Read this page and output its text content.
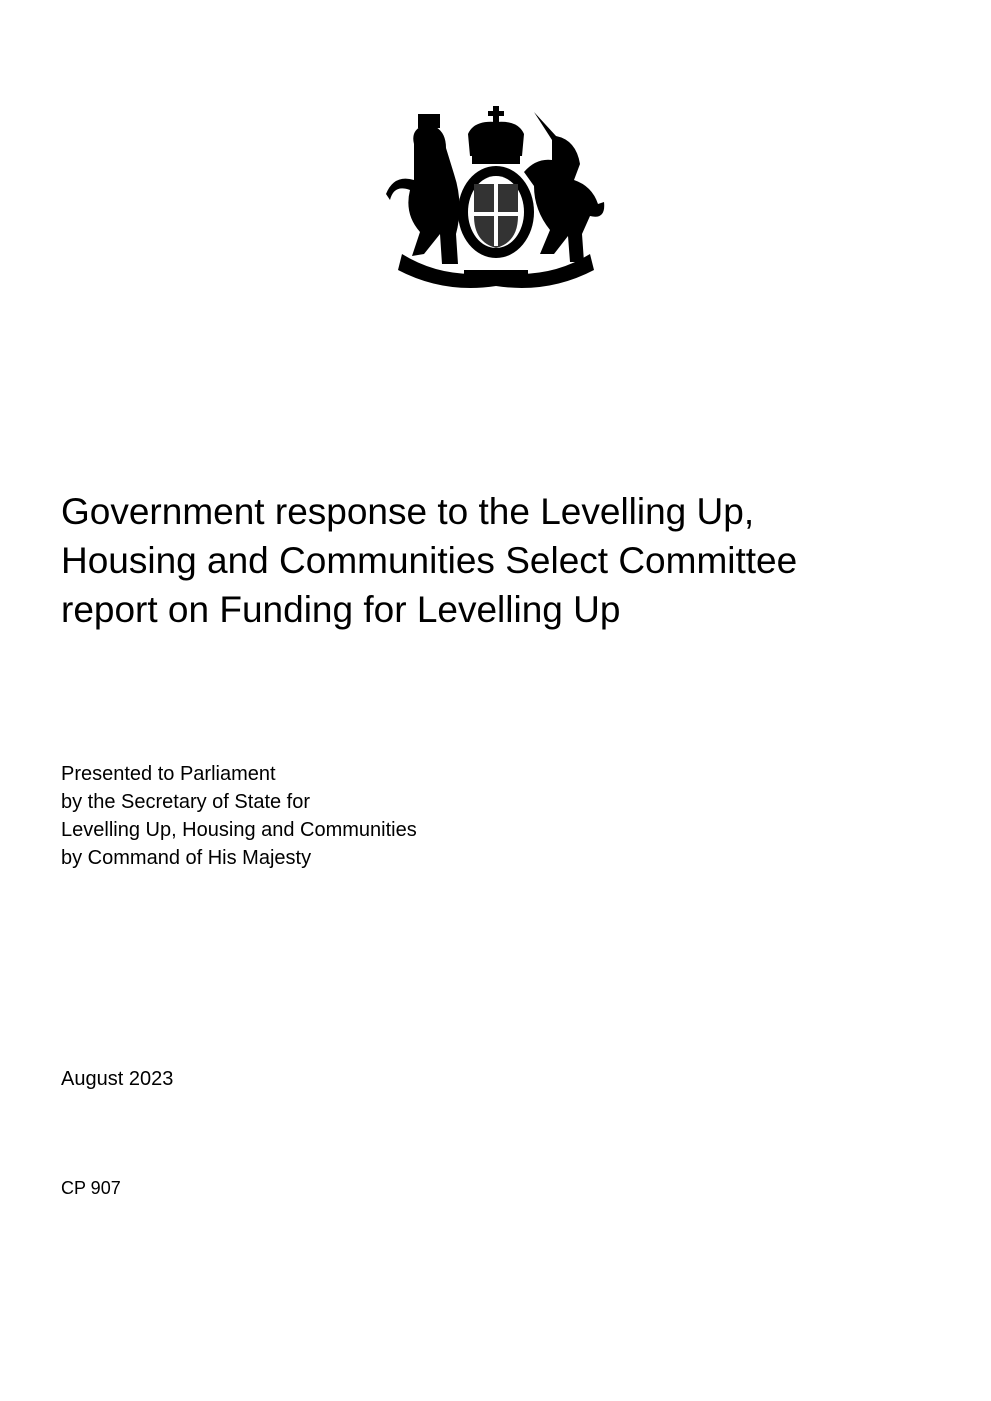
Government response to the Levelling Up,
Housing and Communities Select Committee
report on Funding for Levelling Up
Presented to Parliament
by the Secretary of State for
Levelling Up, Housing and Communities
by Command of His Majesty
August 2023
CP 907
